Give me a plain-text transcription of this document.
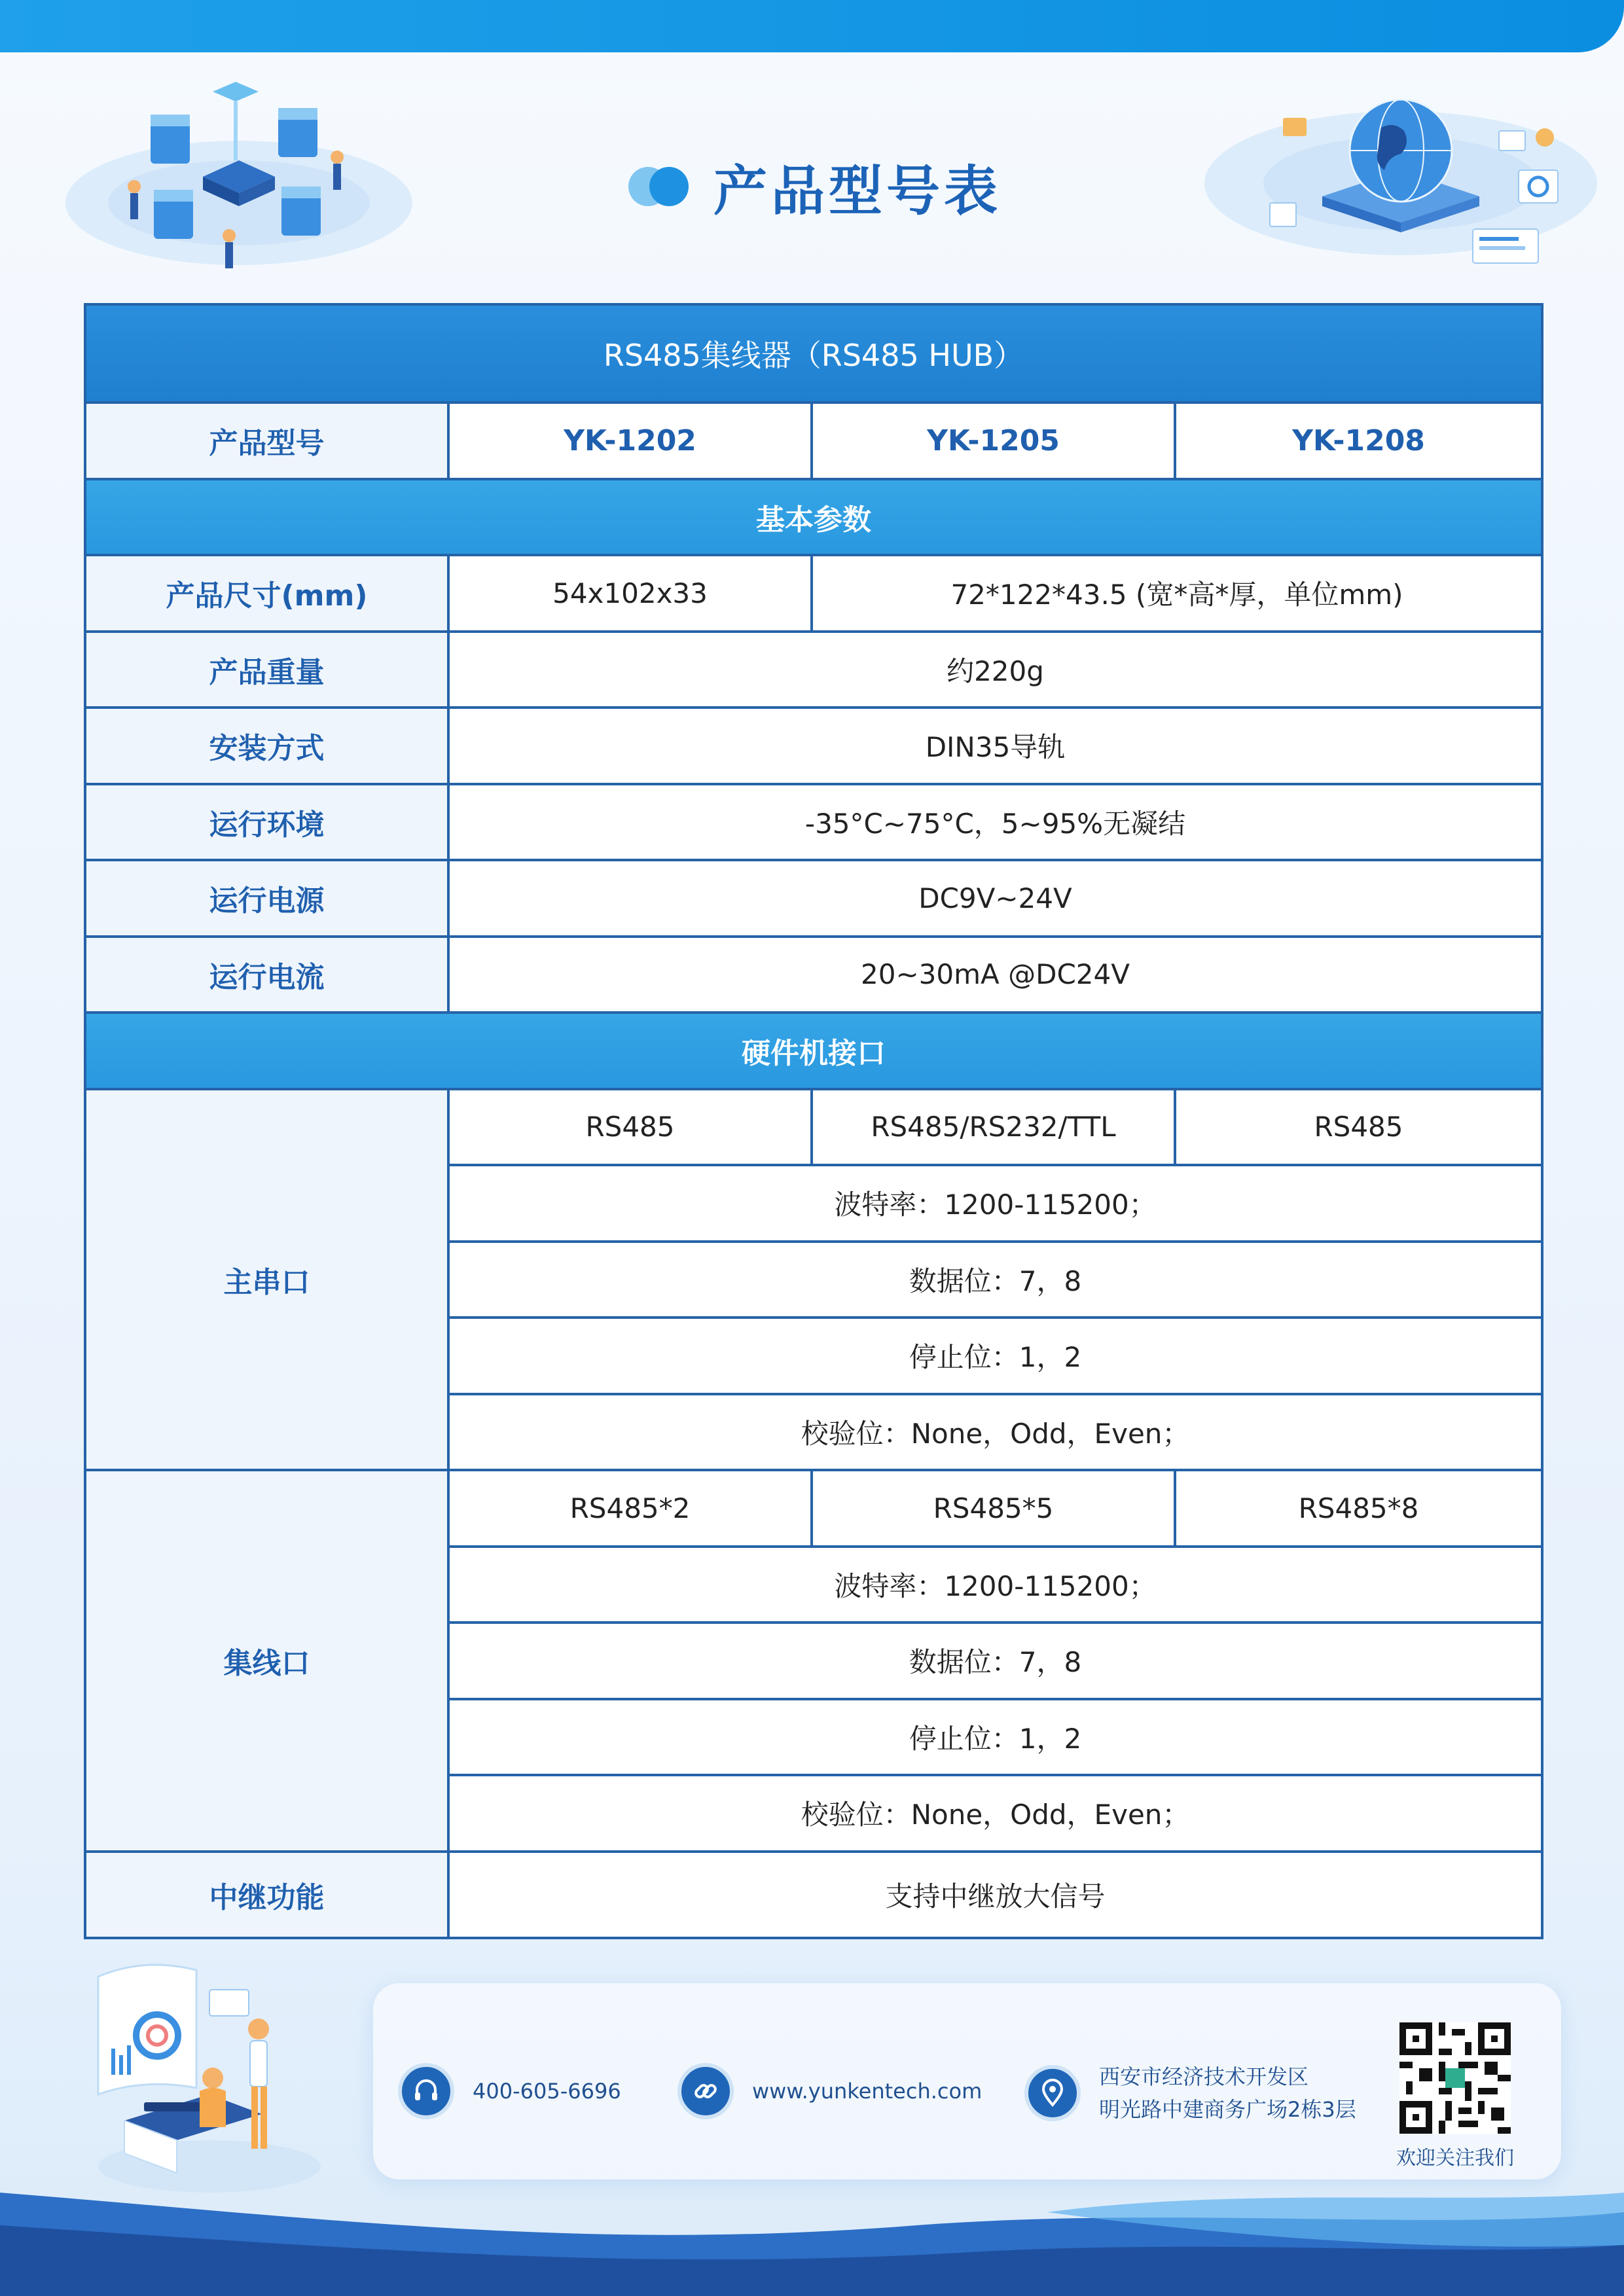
产品型号表
RS485集线器（RS485 HUB）			
产品型号	YK-1202	YK-1205	YK-1208
基本参数			
产品尺寸(mm)	54x102x33	72*122*43.5 (宽*高*厚，单位mm)	
产品重量	约220g		
安装方式	DIN35导轨		
运行环境	-35°C~75°C，5~95%无凝结		
运行电源	DC9V~24V		
运行电流	20~30mA @DC24V		
硬件机接口			
主串口	RS485	RS485/RS232/TTL	RS485
	波特率：1200-115200；		
	数据位：7，8		
	停止位：1，2		
	校验位：None，Odd，Even；		
集线口	RS485*2	RS485*5	RS485*8
	波特率：1200-115200；		
	数据位：7，8		
	停止位：1，2		
	校验位：None，Odd，Even；		
中继功能	支持中继放大信号		
400-605-6696	www.yunkentech.com
西安市经济技术开发区
明光路中建商务广场2栋3层
欢迎关注我们
